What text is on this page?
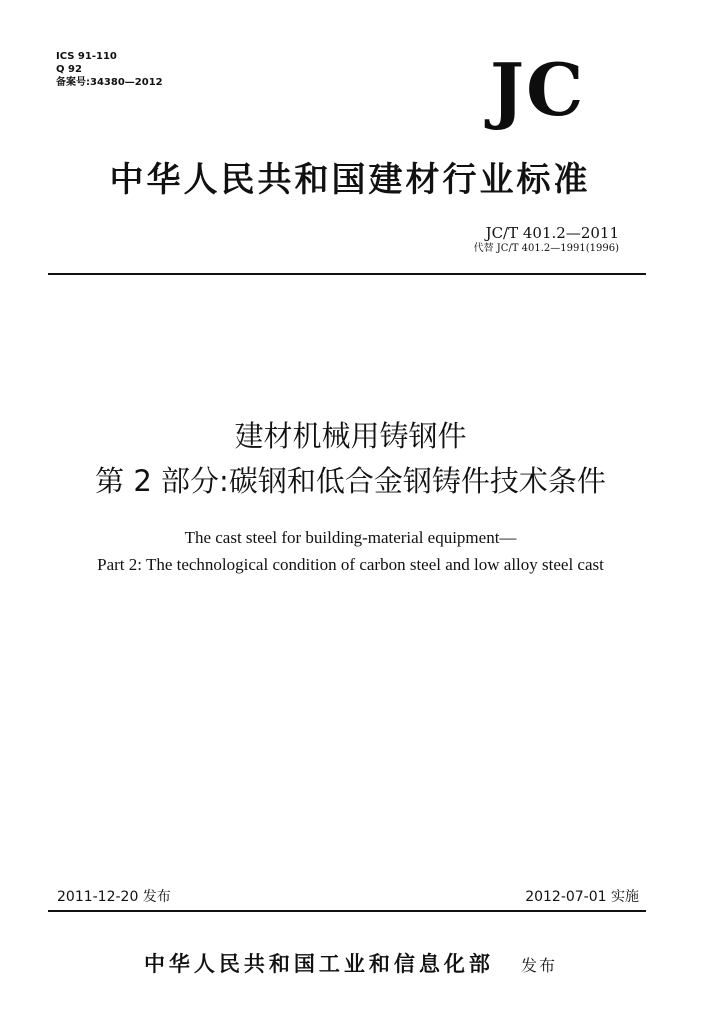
ICS 91-110
Q 92
备案号:34380—2012	JC
中华人民共和国建材行业标准
JC/T 401.2—2011
代替 JC/T 401.2—1991(1996)
建材机械用铸钢件
第 2 部分:碳钢和低合金钢铸件技术条件
The cast steel for building-material equipment—
Part 2: The technological condition of carbon steel and low alloy steel cast
2011-12-20 发布	2012-07-01 实施
中华人民共和国工业和信息化部 发布
